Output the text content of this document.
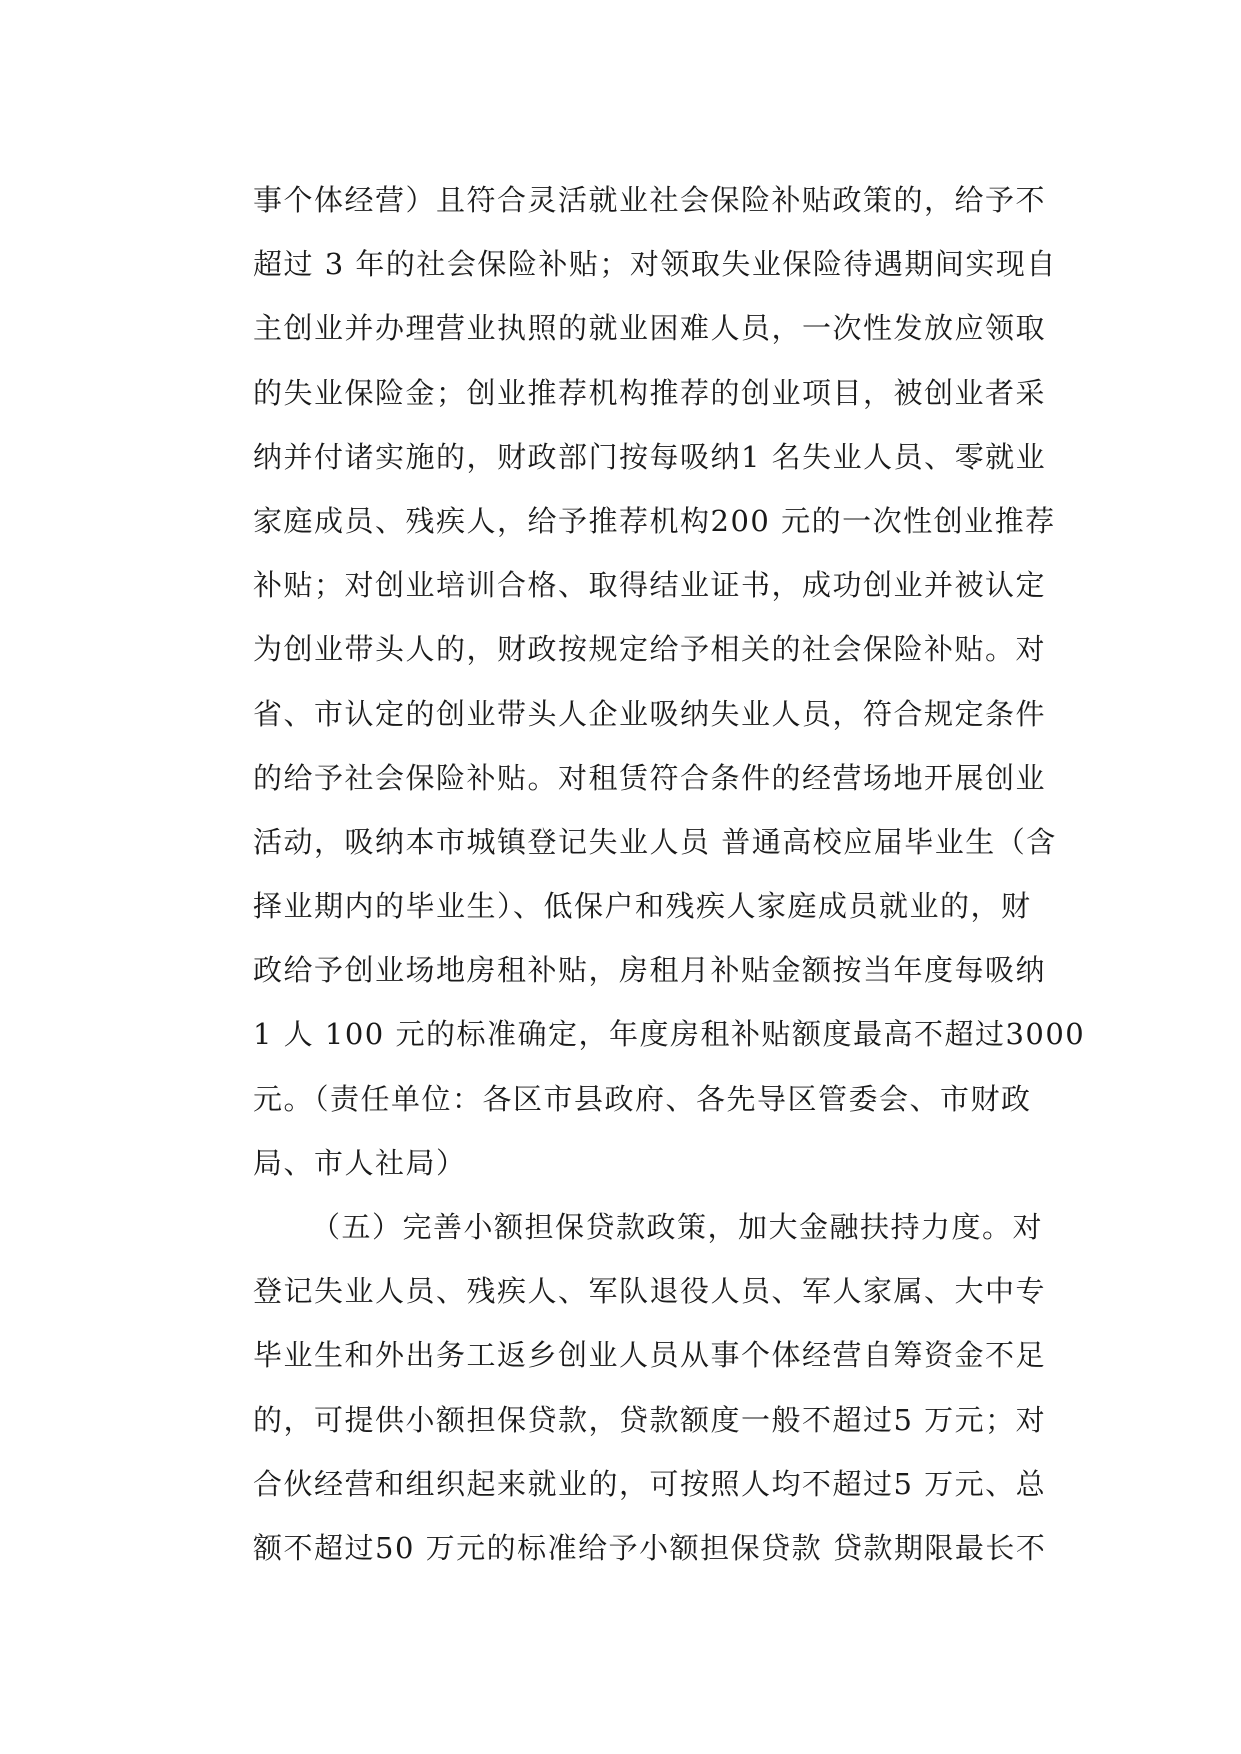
事个体经营）且符合灵活就业社会保险补贴政策的，给予不
超过 3 年的社会保险补贴；对领取失业保险待遇期间实现自
主创业并办理营业执照的就业困难人员，一次性发放应领取
的失业保险金；创业推荐机构推荐的创业项目，被创业者采
纳并付诸实施的，财政部门按每吸纳1 名失业人员、零就业
家庭成员、残疾人，给予推荐机构200 元的一次性创业推荐
补贴；对创业培训合格、取得结业证书，成功创业并被认定
为创业带头人的，财政按规定给予相关的社会保险补贴。对
省、市认定的创业带头人企业吸纳失业人员，符合规定条件
的给予社会保险补贴。对租赁符合条件的经营场地开展创业
活动，吸纳本市城镇登记失业人员 普通高校应届毕业生（含
择业期内的毕业生）、低保户和残疾人家庭成员就业的，财
政给予创业场地房租补贴，房租月补贴金额按当年度每吸纳
1 人 100 元的标准确定，年度房租补贴额度最高不超过3000
元。（责任单位：各区市县政府、各先导区管委会、市财政
局、市人社局）
（五）完善小额担保贷款政策，加大金融扶持力度。对
登记失业人员、残疾人、军队退役人员、军人家属、大中专
毕业生和外出务工返乡创业人员从事个体经营自筹资金不足
的，可提供小额担保贷款，贷款额度一般不超过5 万元；对
合伙经营和组织起来就业的，可按照人均不超过5 万元、总
额不超过50 万元的标准给予小额担保贷款 贷款期限最长不
